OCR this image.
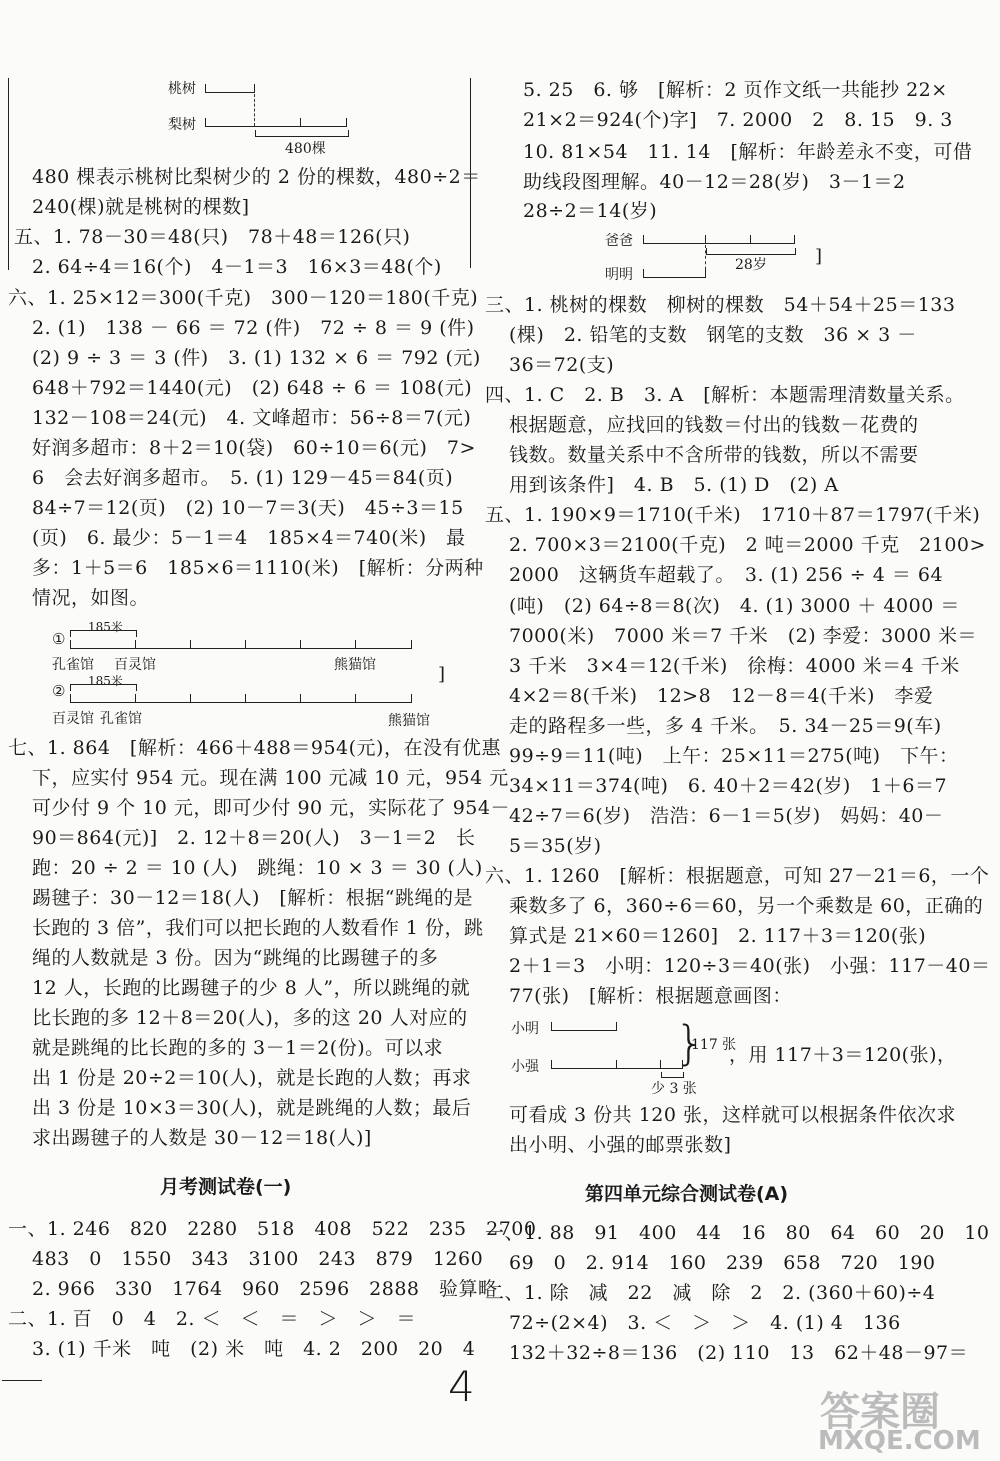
桃树
梨树
480棵
480 棵表示桃树比梨树少的 2 份的棵数，480÷2＝
240(棵)就是桃树的棵数]
五、1. 78－30＝48(只)　78＋48＝126(只)
2. 64÷4＝16(个)　4－1＝3　16×3＝48(个)
六、1. 25×12＝300(千克)　300－120＝180(千克)
2. (1)　138 － 66 ＝ 72 (件)　72 ÷ 8 ＝ 9 (件)
(2) 9 ÷ 3 ＝ 3 (件)　3. (1) 132 × 6 ＝ 792 (元)
648＋792＝1440(元)　(2) 648 ÷ 6 ＝ 108(元)
132－108＝24(元)　4. 文峰超市：56÷8＝7(元)
好润多超市：8＋2＝10(袋)　60÷10＝6(元)　7>
6　会去好润多超市。　5. (1) 129－45＝84(页)
84÷7＝12(页)　(2) 10－7＝3(天)　45÷3＝15
(页)　6. 最少：5－1＝4　185×4＝740(米)　最
多：1＋5＝6　185×6＝1110(米)　[解析：分两种
情况，如图。
①
185米
孔雀馆 百灵馆	熊猫馆	]
②
185米
百灵馆 孔雀馆	熊猫馆
七、1. 864　[解析：466＋488＝954(元)，在没有优惠
下，应实付 954 元。现在满 100 元减 10 元，954 元
可少付 9 个 10 元，即可少付 90 元，实际花了 954－
90＝864(元)]　2. 12＋8＝20(人)　3－1＝2　长
跑：20 ÷ 2 ＝ 10 (人)　跳绳：10 × 3 ＝ 30 (人)
踢毽子：30－12＝18(人)　[解析：根据“跳绳的是
长跑的 3 倍”，我们可以把长跑的人数看作 1 份，跳
绳的人数就是 3 份。因为“跳绳的比踢毽子的多
12 人，长跑的比踢毽子的少 8 人”，所以跳绳的就
比长跑的多 12＋8＝20(人)，多的这 20 人对应的
就是跳绳的比长跑的多的 3－1＝2(份)。可以求
出 1 份是 20÷2＝10(人)，就是长跑的人数；再求
出 3 份是 10×3＝30(人)，就是跳绳的人数；最后
求出踢毽子的人数是 30－12＝18(人)]
月考测试卷(一)
一、1. 246　820　2280　518　408　522　235　2700
483　0　1550　343　3100　243　879　1260
2. 966　330　1764　960　2596　2888　验算略
二、1. 百　0　4　2. ＜　＜　＝　＞　＞　＝
3. (1) 千米　吨　(2) 米　吨　4. 2　200　20　4
5. 25　6. 够　[解析：2 页作文纸一共能抄 22×
21×2＝924(个)字]　7. 2000　2　8. 15　9. 3
10. 81×54　11. 14　[解析：年龄差永不变，可借
助线段图理解。40－12＝28(岁)　3－1＝2
28÷2＝14(岁)
爸爸
28岁	]
明明
三、1. 桃树的棵数　柳树的棵数　54＋54＋25＝133
(棵)　2. 铅笔的支数　钢笔的支数　36 × 3 －
36＝72(支)
四、1. C　2. B　3. A　[解析：本题需理清数量关系。
根据题意，应找回的钱数＝付出的钱数－花费的
钱数。数量关系中不含所带的钱数，所以不需要
用到该条件]　4. B　5. (1) D　(2) A
五、1. 190×9＝1710(千米)　1710＋87＝1797(千米)
2. 700×3＝2100(千克)　2 吨＝2000 千克　2100>
2000　这辆货车超载了。　3. (1) 256 ÷ 4 ＝ 64
(吨)　(2) 64÷8＝8(次)　4. (1) 3000 ＋ 4000 ＝
7000(米)　7000 米＝7 千米　(2) 李爱：3000 米＝
3 千米　3×4＝12(千米)　徐梅：4000 米＝4 千米
4×2＝8(千米)　12>8　12－8＝4(千米)　李爱
走的路程多一些，多 4 千米。　5. 34－25＝9(车)
99÷9＝11(吨)　上午：25×11＝275(吨)　下午：
34×11＝374(吨)　6. 40＋2＝42(岁)　1＋6＝7
42÷7＝6(岁)　浩浩：6－1＝5(岁)　妈妈：40－
5＝35(岁)
六、1. 1260　[解析：根据题意，可知 27－21＝6，一个
乘数多了 6，360÷6＝60，另一个乘数是 60，正确的
算式是 21×60＝1260]　2. 117＋3＝120(张)
2＋1＝3　小明：120÷3＝40(张)　小强：117－40＝
77(张)　[解析：根据题意画图：
小明
小强
少 3 张
}
117 张
，用 117＋3＝120(张)，
可看成 3 份共 120 张，这样就可以根据条件依次求
出小明、小强的邮票张数]
第四单元综合测试卷(A)
一、1. 88　91　400　44　16　80　64　60　20　10
69　0　2. 914　160　239　658　720　190
二、1. 除　减　22　减　除　2　2. (360＋60)÷4
72÷(2×4)　3. ＜　＞　＞　4. (1) 4　136
132＋32÷8＝136　(2) 110　13　62＋48－97＝
4
答案圈
MXQE.COM
